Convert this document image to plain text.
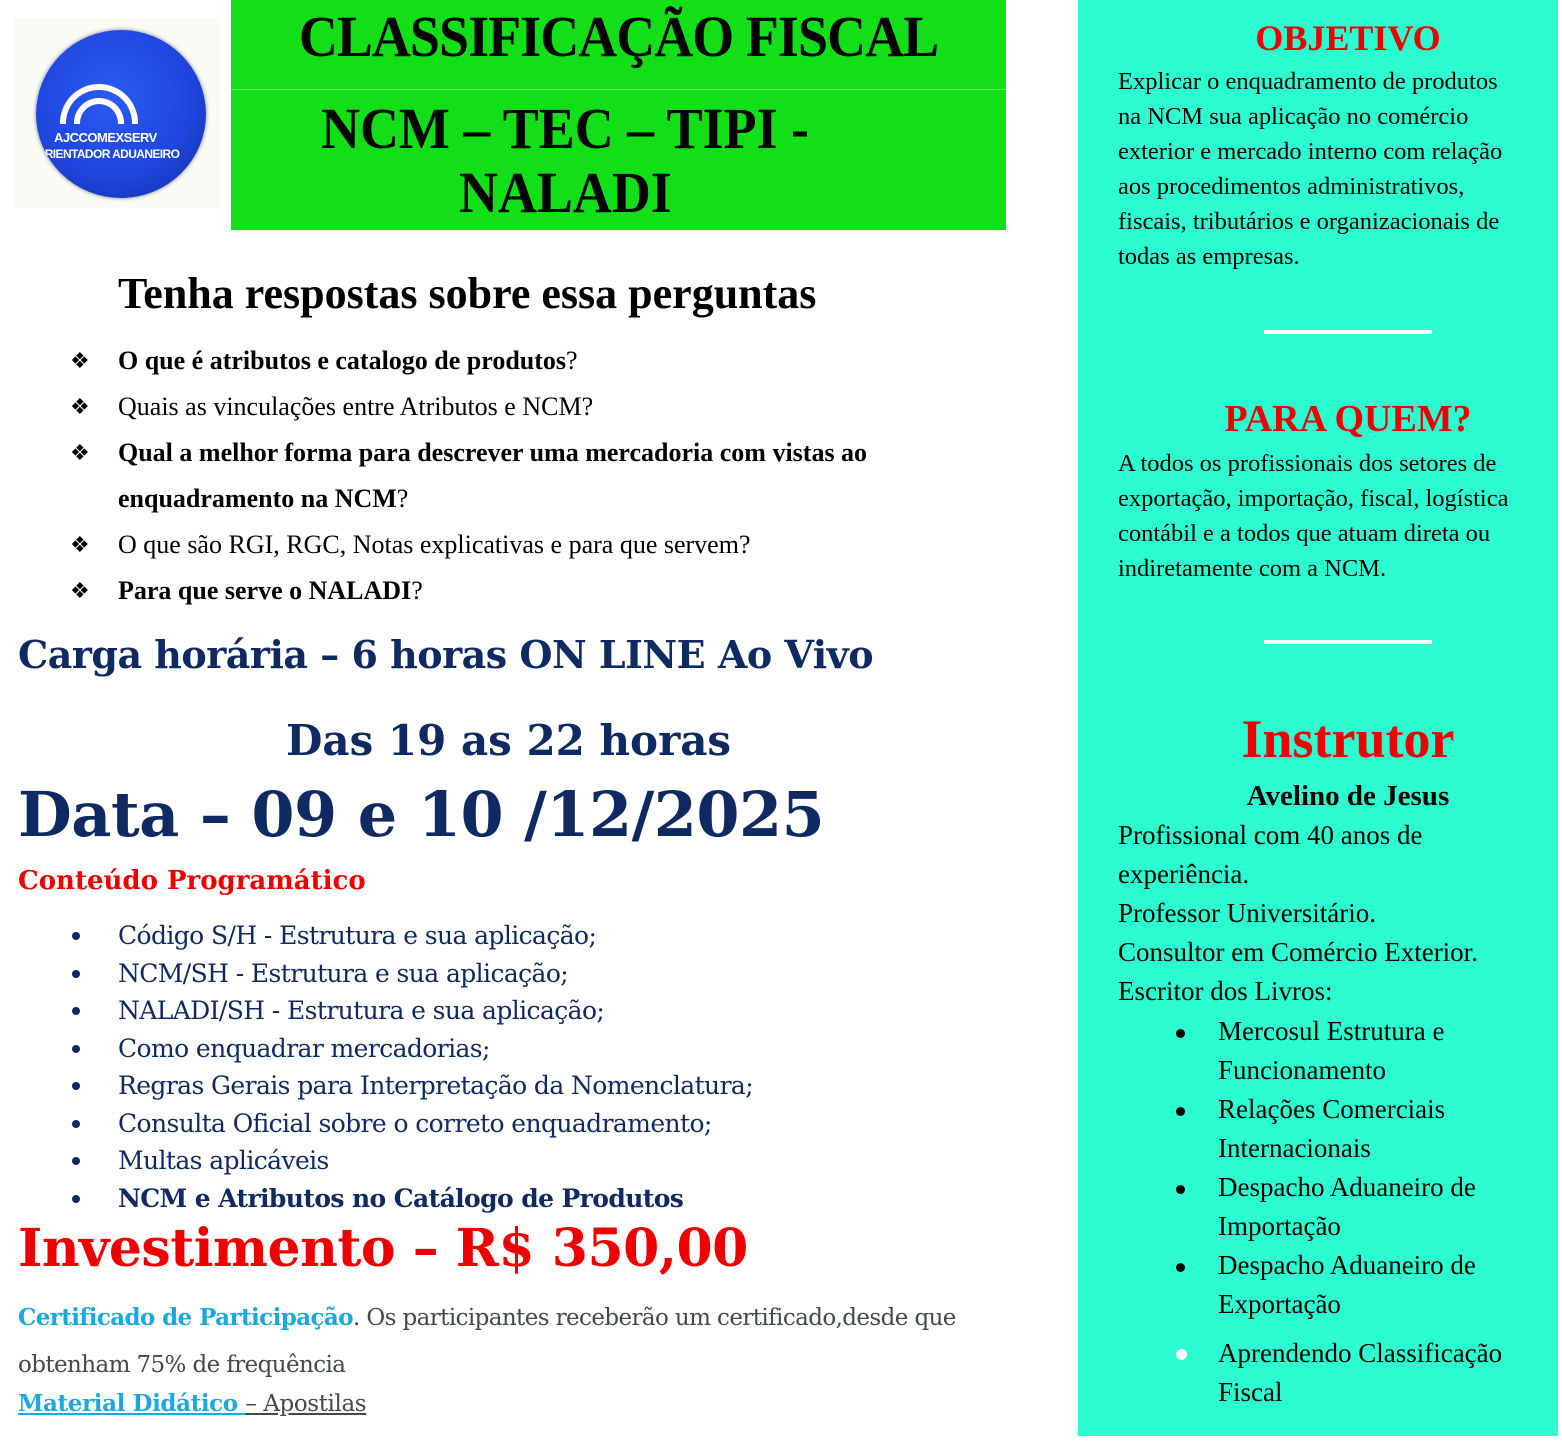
AJCCOMEXSERV
ORIENTADOR ADUANEIRO
CLASSIFICAÇÃO FISCAL
NCM – TEC – TIPI -
NALADI
Tenha respostas sobre essa perguntas
❖ O que é atributos e catalogo de produtos?
❖ Quais as vinculações entre Atributos e NCM?
❖ Qual a melhor forma para descrever uma mercadoria com vistas ao enquadramento na NCM?
❖ O que são RGI, RGC, Notas explicativas e para que servem?
❖ Para que serve o NALADI?
Carga horária – 6 horas ON LINE Ao Vivo
Das 19 as 22 horas
Data – 09 e 10 /12/2025
Conteúdo Programático
Código S/H - Estrutura e sua aplicação;
NCM/SH - Estrutura e sua aplicação;
NALADI/SH - Estrutura e sua aplicação;
Como enquadrar mercadorias;
Regras Gerais para Interpretação da Nomenclatura;
Consulta Oficial sobre o correto enquadramento;
Multas aplicáveis
NCM e Atributos no Catálogo de Produtos
Investimento – R$ 350,00
Certificado de Participação. Os participantes receberão um certificado,desde que obtenham 75% de frequência
Material Didático – Apostilas
OBJETIVO
Explicar o enquadramento de produtos
na NCM sua aplicação no comércio
exterior e mercado interno com relação
aos procedimentos administrativos,
fiscais, tributários e organizacionais de
todas as empresas.
PARA QUEM?
A todos os profissionais dos setores de
exportação, importação, fiscal, logística
contábil e a todos que atuam direta ou
indiretamente com a NCM.
Instrutor
Avelino de Jesus
Profissional com 40 anos de
experiência.
Professor Universitário.
Consultor em Comércio Exterior.
Escritor dos Livros:
Mercosul Estrutura e
Funcionamento
Relações Comerciais
Internacionais
Despacho Aduaneiro de
Importação
Despacho Aduaneiro de
Exportação
Aprendendo Classificação
Fiscal
